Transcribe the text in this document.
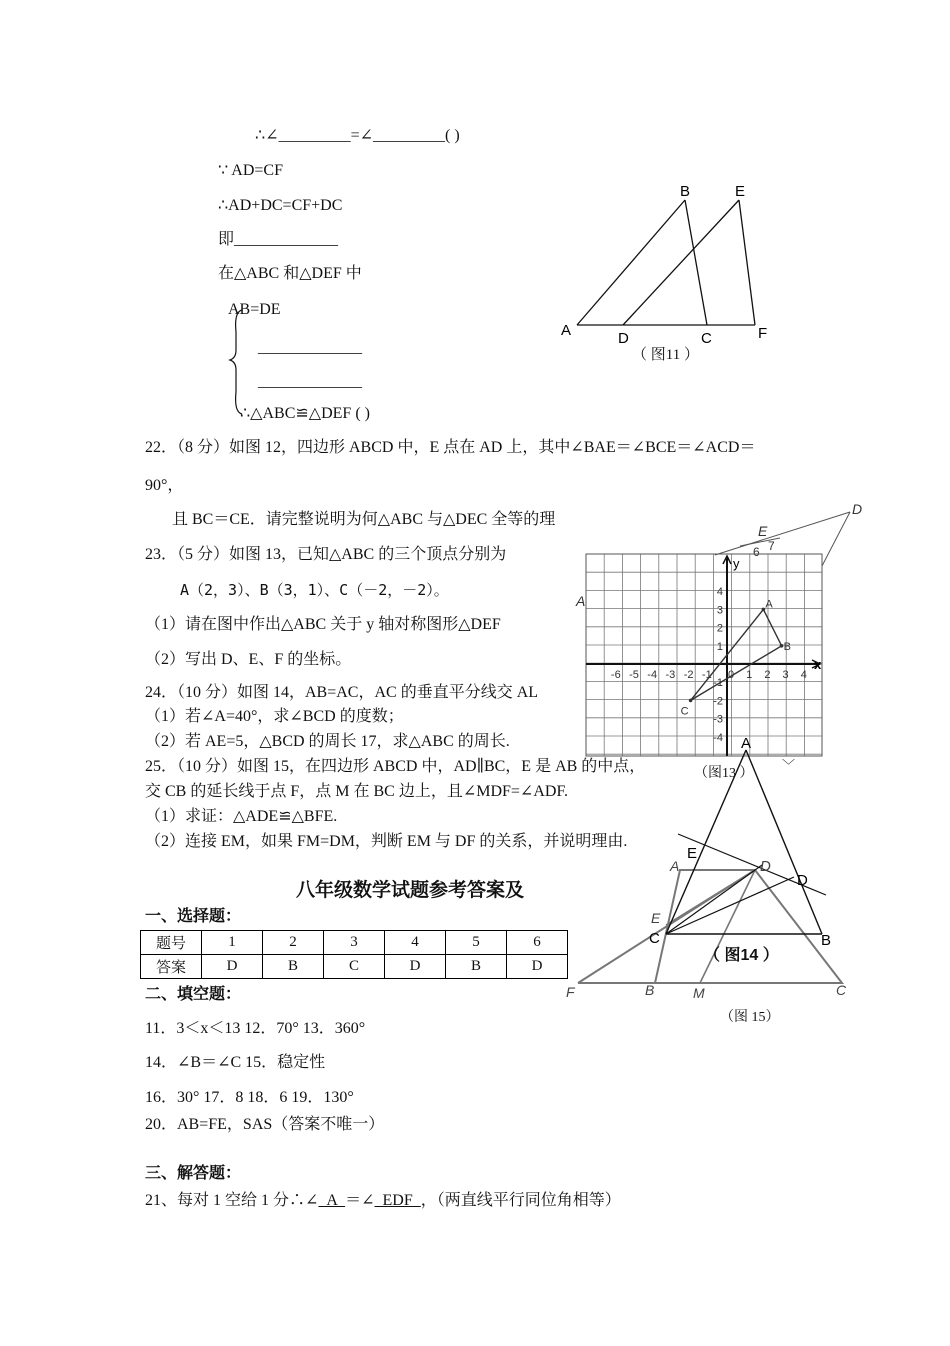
∴∠_________=∠_________( )
∵ AD=CF
∴AD+DC=CF+DC
即_____________
在△ABC 和△DEF 中
AB=DE
_____________
_____________
∴△ABC≌△DEF ( )
A
B	E
D	C	F
（ 图11 ）
22．（8 分）如图 12，四边形 ABCD 中，E 点在 AD 上，其中∠BAE＝∠BCE＝∠ACD＝
90°，
且 BC＝CE．请完整说明为何△ABC 与△DEC 全等的理
D
E
6 7
A
23．（5 分）如图 13，已知△ABC 的三个顶点分别为
A（2，3）、B（3，1）、C（－2，－2）。
（1）请在图中作出△ABC 关于 y 轴对称图形△DEF
（2）写出 D、E、F 的坐标。	x
y
-6 -5 -4 -3 -2 -1 0 1 2 3 4
4
3
2
1
-1
-2
-3
-4
A
B
C
（图13 ）
﹀
24．（10 分）如图 14，AB=AC，AC 的垂直平分线交 AL
（1）若∠A=40°，求∠BCD 的度数；
（2）若 AE=5，△BCD 的周长 17，求△ABC 的周长.
25．（10 分）如图 15，在四边形 ABCD 中，AD∥BC，E 是 AB 的中点，
交 CB 的延长线于点 F，点 M 在 BC 边上，且∠MDF=∠ADF.
（1）求证：△ADE≌△BFE.
（2）连接 EM，如果 FM=DM，判断 EM 与 DF 的关系，并说明理由.
A
E
D
C	B
A	D
E
F	B	M	C
（ 图14 ）
（图 15）
八年级数学试题参考答案及
一、选择题：
题号	1	2	3	4	5	6
答案	D	B	C	D	B	D
二、填空题：
11．3＜x＜13 12．70° 13．360°
14．∠B＝∠C 15．稳定性
16．30° 17．8 18．6 19．130°
20．AB=FE，SAS（答案不唯一）
三、解答题：
21、每对 1 空给 1 分∴∠  A  ＝∠  EDF  ，（两直线平行同位角相等）
